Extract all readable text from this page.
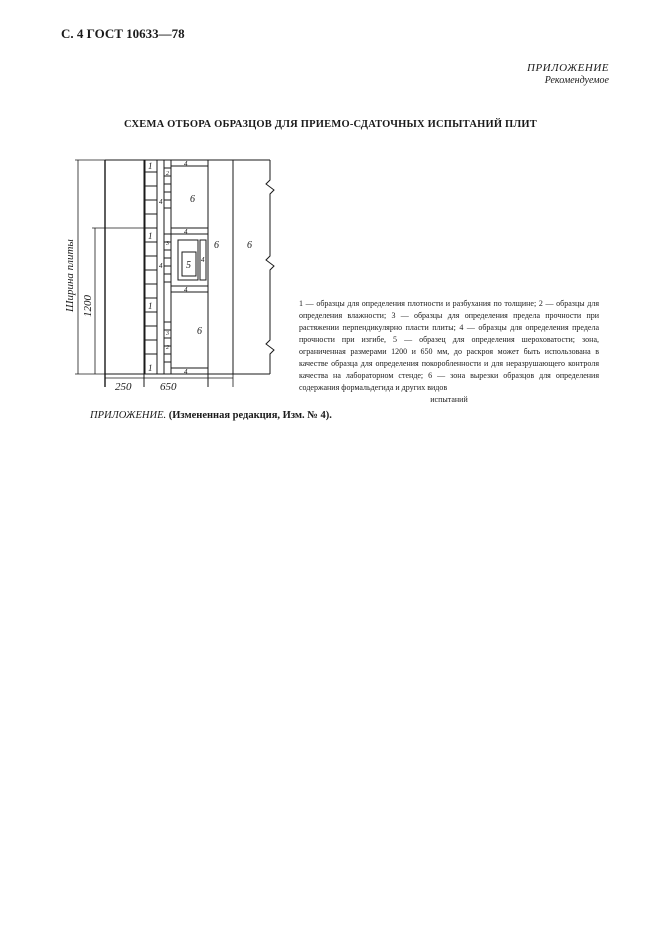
С. 4 ГОСТ 10633—78
ПРИЛОЖЕНИЕ
Рекомендуемое
СХЕМА ОТБОРА ОБРАЗЦОВ ДЛЯ ПРИЕМО-СДАТОЧНЫХ ИСПЫТАНИЙ ПЛИТ
1
1
1
1
2
2
3
3
4
4
4
4
4
4
4
5
6
6	6
6
Ширина плиты 1200
250	650
1 — образцы для определения плотности и разбухания по толщине; 2 — образцы для определения влажности; 3 — образцы для определения предела прочности при растяжении перпендикулярно пласти плиты; 4 — образцы для определения предела прочности при изгибе, 5 — образец для определения шероховатости; зона, ограниченная размерами 1200 и 650 мм, до раскроя может быть использована в качестве образца для определения покоробленности и для неразрушающего контроля качества на лабораторном стенде; 6 — зона вырезки образцов для определения содержания формальдегида и других видов
испытаний
ПРИЛОЖЕНИЕ. (Измененная редакция, Изм. № 4).
